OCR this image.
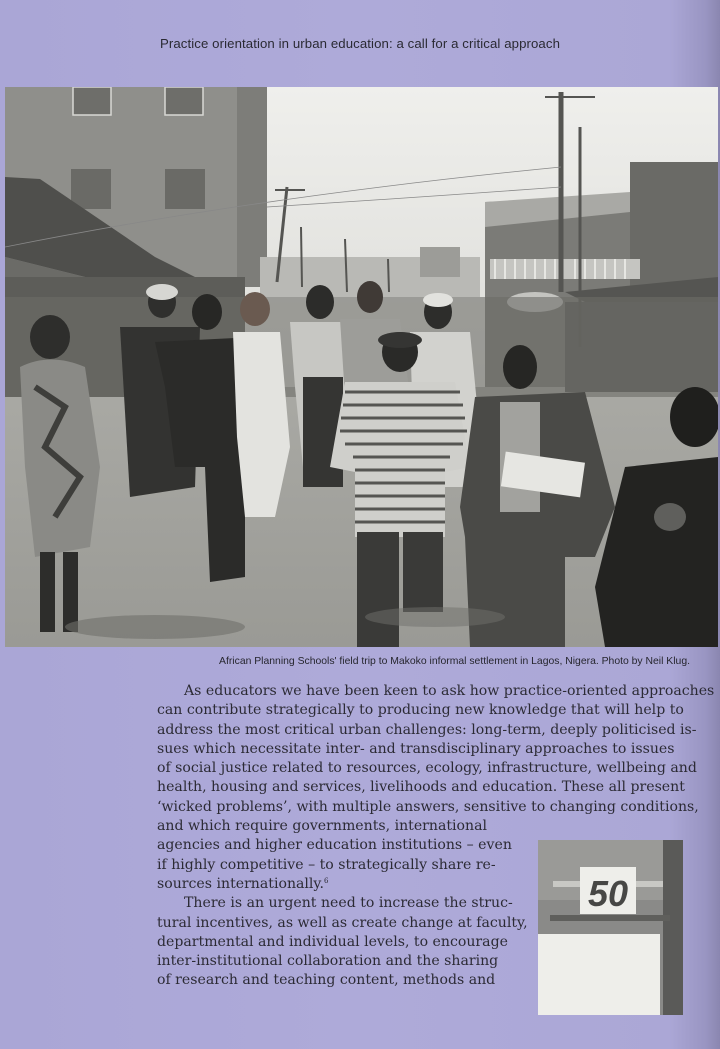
Practice orientation in urban education: a call for a critical approach
African Planning Schools' field trip to Makoko informal settlement in Lagos, Nigera. Photo by Neil Klug.
As educators we have been keen to ask how practice-oriented approaches
can contribute strategically to producing new knowledge that will help to
address the most critical urban challenges: long-term, deeply politicised is-
sues which necessitate inter- and transdisciplinary approaches to issues
of social justice related to resources, ecology, infrastructure, wellbeing and
health, housing and services, livelihoods and education. These all present
‘wicked problems’, with multiple answers, sensitive to changing conditions,
and which require governments, international
agencies and higher education institutions – even
if highly competitive – to strategically share re-
sources internationally.$^6$
There is an urgent need to increase the struc-
tural incentives, as well as create change at faculty,
departmental and individual levels, to encourage
inter-institutional collaboration and the sharing
of research and teaching content, methods and
50
